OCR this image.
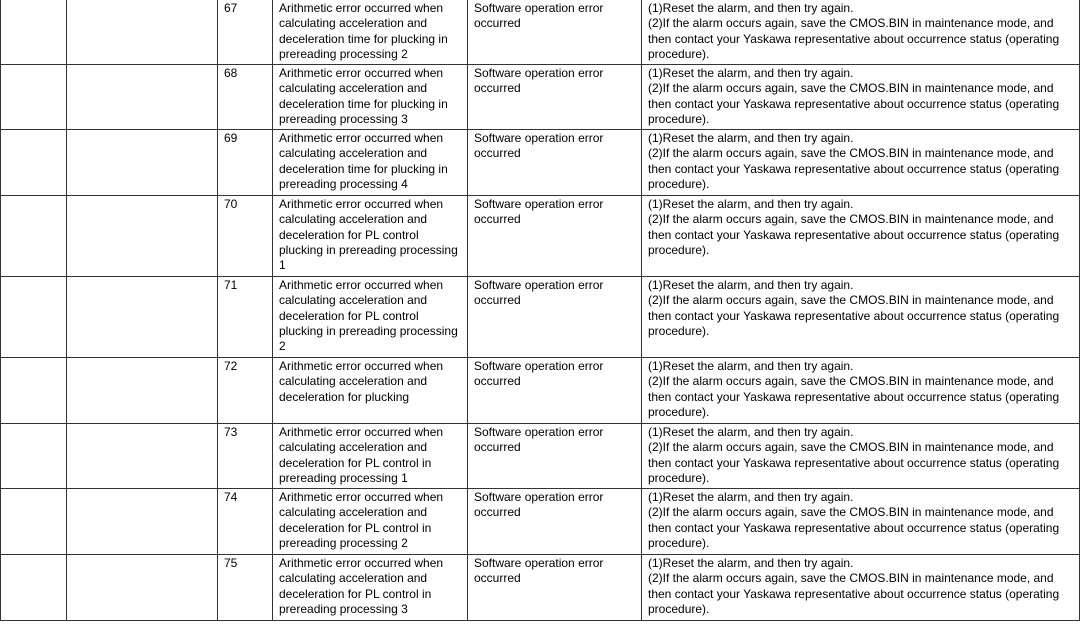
		67	Arithmetic error occurred when calculating acceleration and deceleration time for plucking in prereading processing 2	Software operation error occurred	(1)Reset the alarm, and then try again.
(2)If the alarm occurs again, save the CMOS.BIN in maintenance mode, and then contact your Yaskawa representative about occurrence status (operating procedure).

		68	Arithmetic error occurred when calculating acceleration and deceleration time for plucking in prereading processing 3	Software operation error occurred	(1)Reset the alarm, and then try again.
(2)If the alarm occurs again, save the CMOS.BIN in maintenance mode, and then contact your Yaskawa representative about occurrence status (operating procedure).

		69	Arithmetic error occurred when calculating acceleration and deceleration time for plucking in prereading processing 4	Software operation error occurred	(1)Reset the alarm, and then try again.
(2)If the alarm occurs again, save the CMOS.BIN in maintenance mode, and then contact your Yaskawa representative about occurrence status (operating procedure).

		70	Arithmetic error occurred when calculating acceleration and deceleration for PL control plucking in prereading processing 1	Software operation error occurred	(1)Reset the alarm, and then try again.
(2)If the alarm occurs again, save the CMOS.BIN in maintenance mode, and then contact your Yaskawa representative about occurrence status (operating procedure).

		71	Arithmetic error occurred when calculating acceleration and deceleration for PL control plucking in prereading processing 2	Software operation error occurred	(1)Reset the alarm, and then try again.
(2)If the alarm occurs again, save the CMOS.BIN in maintenance mode, and then contact your Yaskawa representative about occurrence status (operating procedure).

		72	Arithmetic error occurred when calculating acceleration and deceleration for plucking	Software operation error occurred	(1)Reset the alarm, and then try again.
(2)If the alarm occurs again, save the CMOS.BIN in maintenance mode, and then contact your Yaskawa representative about occurrence status (operating procedure).

		73	Arithmetic error occurred when calculating acceleration and deceleration for PL control in prereading processing 1	Software operation error occurred	(1)Reset the alarm, and then try again.
(2)If the alarm occurs again, save the CMOS.BIN in maintenance mode, and then contact your Yaskawa representative about occurrence status (operating procedure).

		74	Arithmetic error occurred when calculating acceleration and deceleration for PL control in prereading processing 2	Software operation error occurred	(1)Reset the alarm, and then try again.
(2)If the alarm occurs again, save the CMOS.BIN in maintenance mode, and then contact your Yaskawa representative about occurrence status (operating procedure).

		75	Arithmetic error occurred when calculating acceleration and deceleration for PL control in prereading processing 3	Software operation error occurred	(1)Reset the alarm, and then try again.
(2)If the alarm occurs again, save the CMOS.BIN in maintenance mode, and then contact your Yaskawa representative about occurrence status (operating procedure).
